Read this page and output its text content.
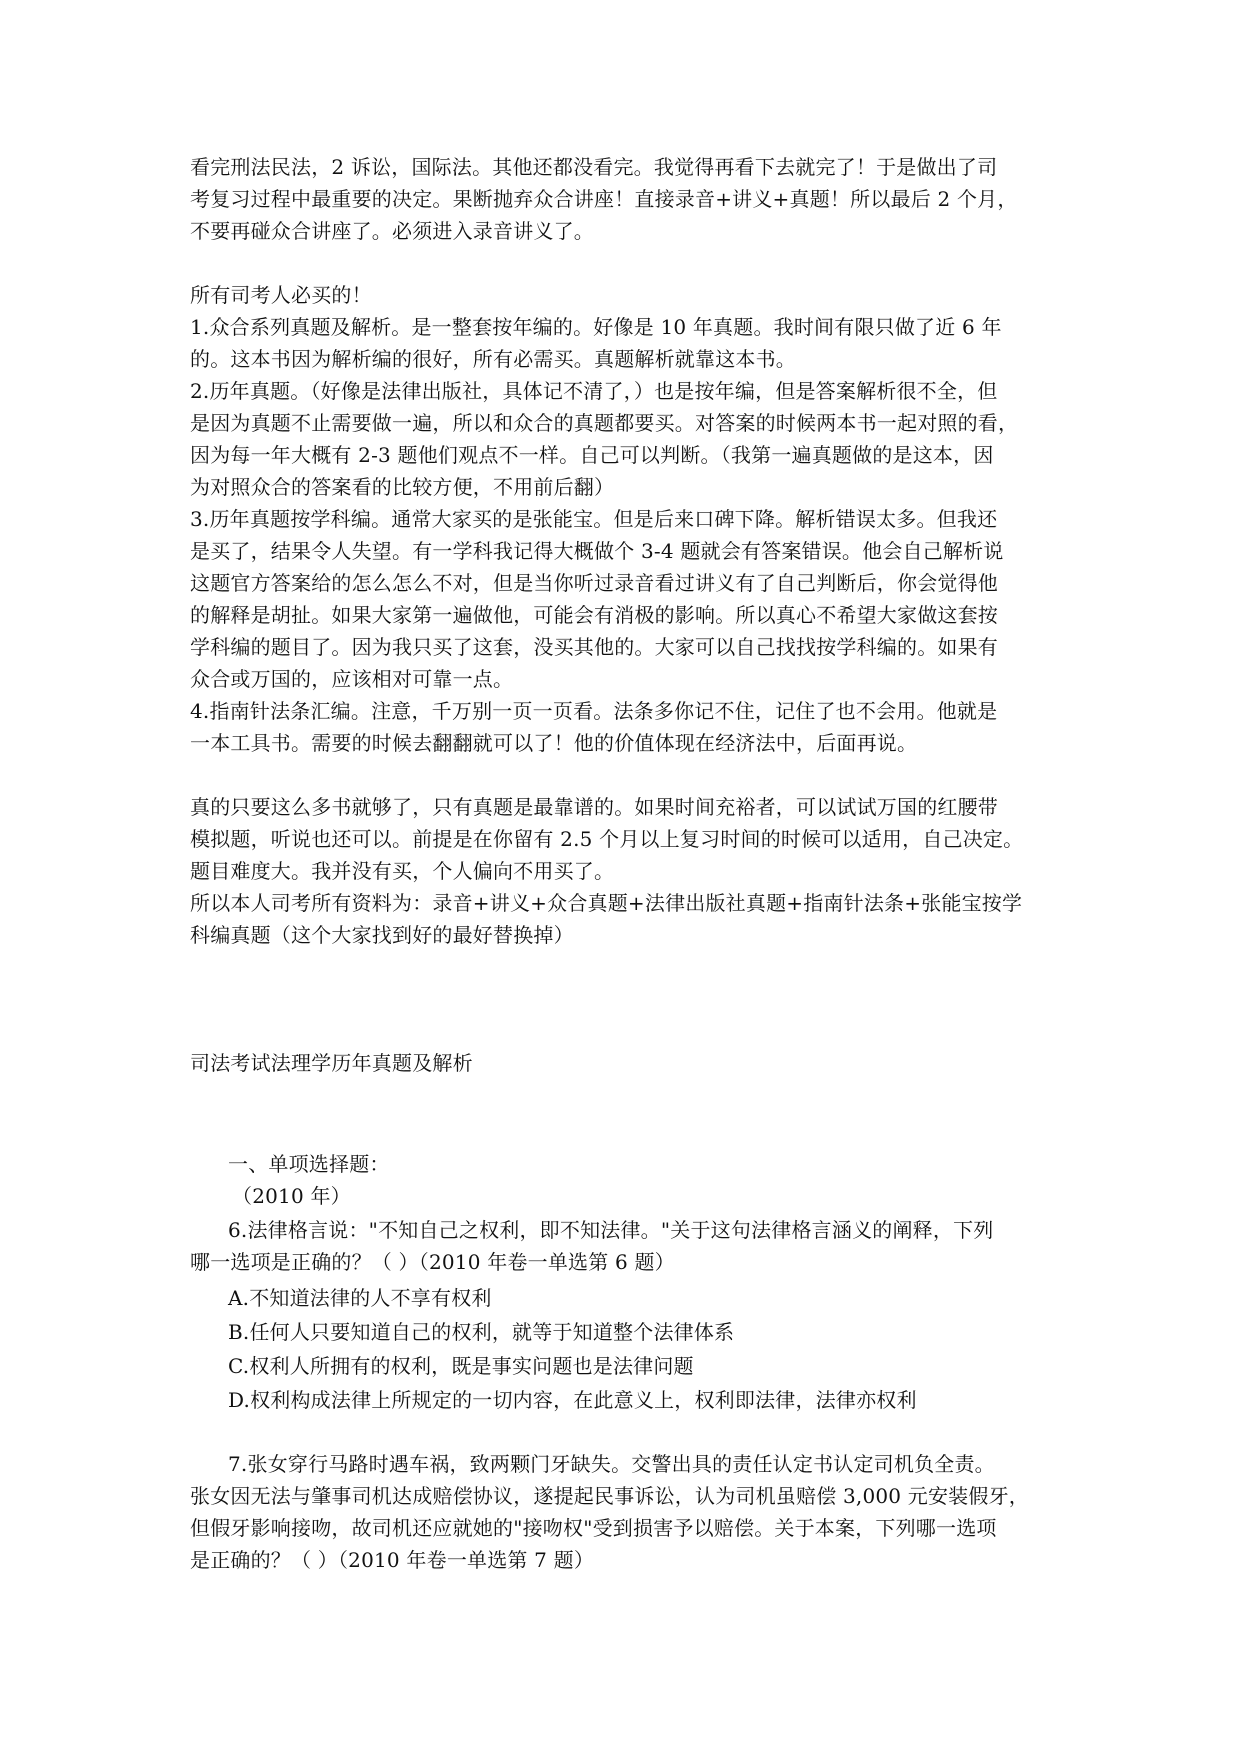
看完刑法民法，2 诉讼，国际法。其他还都没看完。我觉得再看下去就完了！于是做出了司
考复习过程中最重要的决定。果断抛弃众合讲座！直接录音+讲义+真题！所以最后 2 个月，
不要再碰众合讲座了。必须进入录音讲义了。
所有司考人必买的！
1.众合系列真题及解析。是一整套按年编的。好像是 10 年真题。我时间有限只做了近 6 年
的。这本书因为解析编的很好，所有必需买。真题解析就靠这本书。
2.历年真题。（好像是法律出版社，具体记不清了，）也是按年编，但是答案解析很不全，但
是因为真题不止需要做一遍，所以和众合的真题都要买。对答案的时候两本书一起对照的看，
因为每一年大概有 2-3 题他们观点不一样。自己可以判断。（我第一遍真题做的是这本，因
为对照众合的答案看的比较方便，不用前后翻）
3.历年真题按学科编。通常大家买的是张能宝。但是后来口碑下降。解析错误太多。但我还
是买了，结果令人失望。有一学科我记得大概做个 3-4 题就会有答案错误。他会自己解析说
这题官方答案给的怎么怎么不对，但是当你听过录音看过讲义有了自己判断后，你会觉得他
的解释是胡扯。如果大家第一遍做他，可能会有消极的影响。所以真心不希望大家做这套按
学科编的题目了。因为我只买了这套，没买其他的。大家可以自己找找按学科编的。如果有
众合或万国的，应该相对可靠一点。
4.指南针法条汇编。注意，千万别一页一页看。法条多你记不住，记住了也不会用。他就是
一本工具书。需要的时候去翻翻就可以了！他的价值体现在经济法中，后面再说。
真的只要这么多书就够了，只有真题是最靠谱的。如果时间充裕者，可以试试万国的红腰带
模拟题，听说也还可以。前提是在你留有 2.5 个月以上复习时间的时候可以适用，自己决定。
题目难度大。我并没有买，个人偏向不用买了。
所以本人司考所有资料为：录音+讲义+众合真题+法律出版社真题+指南针法条+张能宝按学
科编真题（这个大家找到好的最好替换掉）
司法考试法理学历年真题及解析
一、单项选择题：
（2010 年）
6.法律格言说："不知自己之权利，即不知法律。"关于这句法律格言涵义的阐释，下列
哪一选项是正确的？（ ）（2010 年卷一单选第 6 题）
A.不知道法律的人不享有权利
B.任何人只要知道自己的权利，就等于知道整个法律体系
C.权利人所拥有的权利，既是事实问题也是法律问题
D.权利构成法律上所规定的一切内容，在此意义上，权利即法律，法律亦权利
7.张女穿行马路时遇车祸，致两颗门牙缺失。交警出具的责任认定书认定司机负全责。
张女因无法与肇事司机达成赔偿协议，遂提起民事诉讼，认为司机虽赔偿 3,000 元安装假牙，
但假牙影响接吻，故司机还应就她的"接吻权"受到损害予以赔偿。关于本案，下列哪一选项
是正确的？（ ）（2010 年卷一单选第 7 题）
